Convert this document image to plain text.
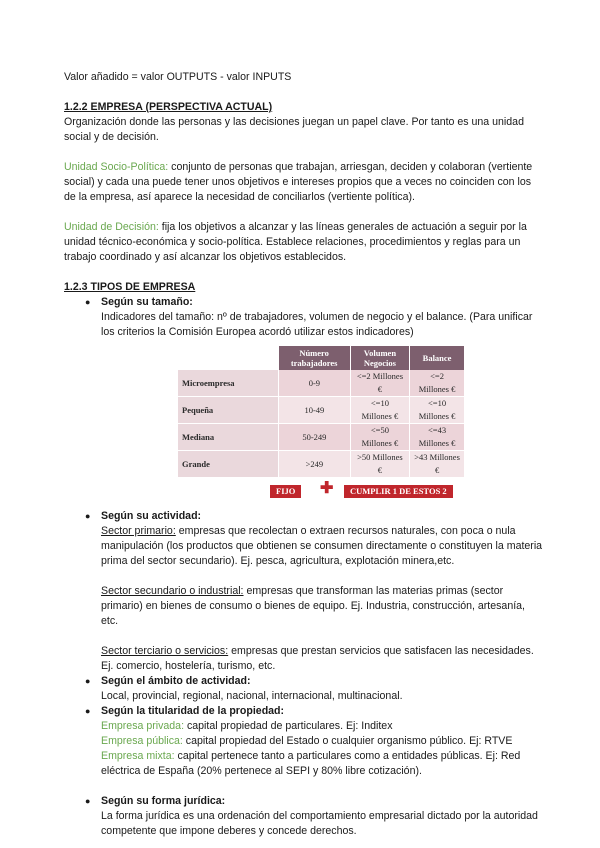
Valor añadido = valor OUTPUTS - valor INPUTS

1.2.2 EMPRESA (PERSPECTIVA ACTUAL)

Organización donde las personas y las decisiones juegan un papel clave. Por tanto es una unidad social y de decisión.

Unidad Socio-Política: conjunto de personas que trabajan, arriesgan, deciden y colaboran (vertiente social) y cada una puede tener unos objetivos e intereses propios que a veces no coinciden con los de la empresa, así aparece la necesidad de conciliarlos (vertiente política).

Unidad de Decisión: fija los objetivos a alcanzar y las líneas generales de actuación a seguir por la unidad técnico-económica y socio-política. Establece relaciones, procedimientos y reglas para un trabajo coordinado y así alcanzar los objetivos establecidos.

1.2.3 TIPOS DE EMPRESA

● Según su tamaño:

Indicadores del tamaño: nº de trabajadores, volumen de negocio y el balance. (Para unificar los criterios la Comisión Europea acordó utilizar estos indicadores)

	Número trabajadores	Volumen Negocios	Balance
Microempresa	0-9	<=2 Millones €	<=2 Millones €
Pequeña	10-49	<=10 Millones €	<=10 Millones €
Mediana	50-249	<=50 Millones €	<=43 Millones €
Grande	>249	>50 Millones €	>43 Millones €
FIJO	✚	CUMPLIR 1 DE ESTOS 2
● Según su actividad:

Sector primario: empresas que recolectan o extraen recursos naturales, con poca o nula manipulación (los productos que obtienen se consumen directamente o constituyen la materia prima del sector secundario). Ej. pesca, agricultura, explotación minera,etc.

Sector secundario o industrial: empresas que transforman las materias primas (sector primario) en bienes de consumo o bienes de equipo. Ej. Industria, construcción, artesanía, etc.

Sector terciario o servicios: empresas que prestan servicios que satisfacen las necesidades. Ej. comercio, hostelería, turismo, etc.

● Según el ámbito de actividad:

Local, provincial, regional, nacional, internacional, multinacional.

● Según la titularidad de la propiedad:

Empresa privada: capital propiedad de particulares. Ej: Inditex

Empresa pública: capital propiedad del Estado o cualquier organismo público. Ej: RTVE

Empresa mixta: capital pertenece tanto a particulares como a entidades públicas. Ej: Red eléctrica de España (20% pertenece al SEPI y 80% libre cotización).

● Según su forma jurídica:

La forma jurídica es una ordenación del comportamiento empresarial dictado por la autoridad competente que impone deberes y concede derechos.
